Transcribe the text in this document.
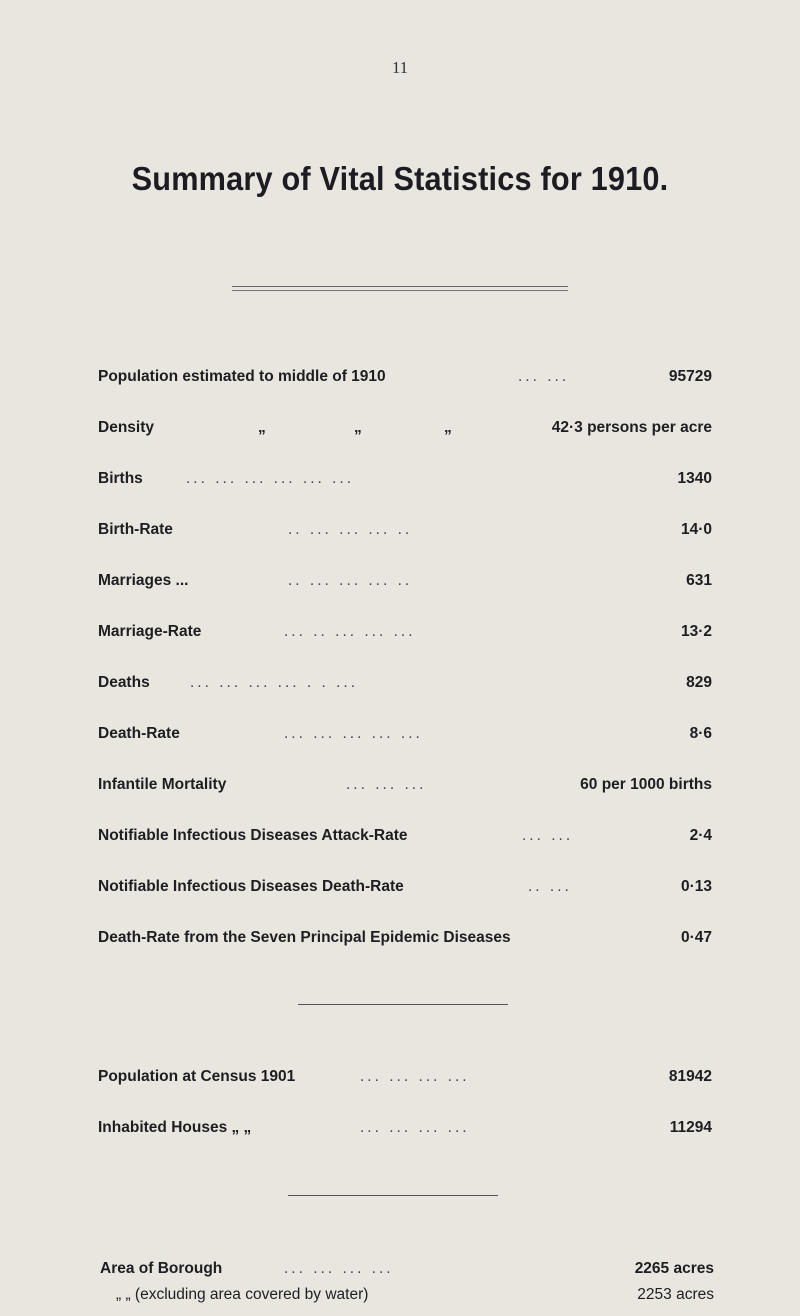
11
Summary of Vital Statistics for 1910.
Population estimated to middle of 1910	... ...	95729
Density	„	„	„	42·3 persons per acre
Births	... ... ... ... ... ...	1340
Birth-Rate	.. ... ... ... ..	14·0
Marriages ...	.. ... ... ... ..	631
Marriage-Rate	... .. ... ... ...	13·2
Deaths	... ... ... ... . . ...	829
Death-Rate	... ... ... ... ...	8·6
Infantile Mortality	... ... ...	60 per 1000 births
Notifiable Infectious Diseases Attack-Rate	... ...	2·4
Notifiable Infectious Diseases Death-Rate	.. ...	0·13
Death-Rate from the Seven Principal Epidemic Diseases	0·47
Population at Census 1901	... ... ... ...	81942
Inhabited Houses „ „	... ... ... ...	11294
Area of Borough	... ... ... ...	2265 acres
„ „ (excluding area covered by water)	2253 acres
